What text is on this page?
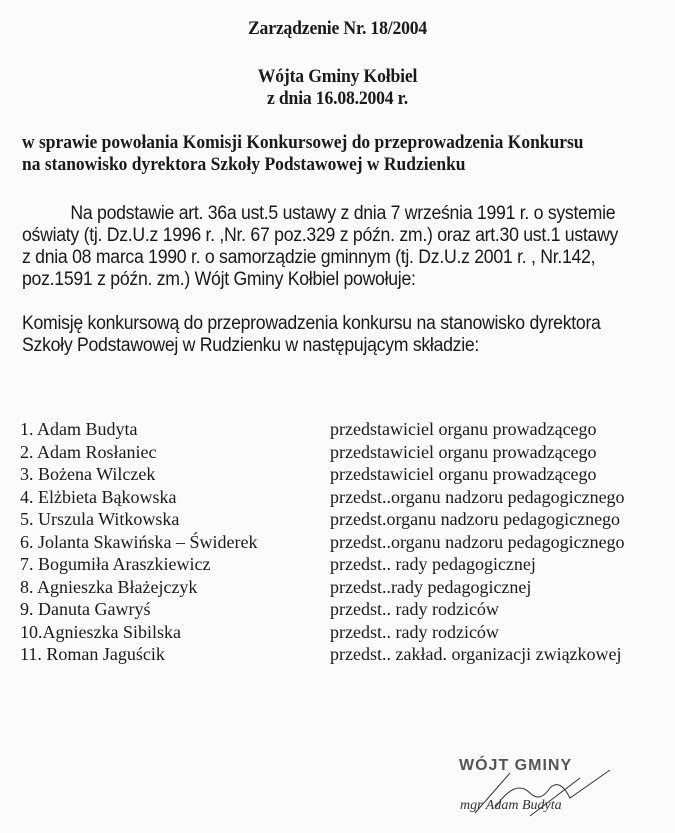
Zarządzenie Nr. 18/2004
Wójta Gminy Kołbiel
z dnia 16.08.2004 r.
w sprawie powołania Komisji Konkursowej do przeprowadzenia Konkursu
na stanowisko dyrektora Szkoły Podstawowej w Rudzienku
Na podstawie art. 36a ust.5 ustawy z dnia 7 września 1991 r. o systemie
oświaty (tj. Dz.U.z 1996 r. ,Nr. 67 poz.329 z późn. zm.) oraz art.30 ust.1 ustawy
z dnia 08 marca 1990 r. o samorządzie gminnym (tj. Dz.U.z 2001 r. , Nr.142,
poz.1591 z późn. zm.) Wójt Gminy Kołbiel powołuje:
Komisję konkursową do przeprowadzenia konkursu na stanowisko dyrektora
Szkoły Podstawowej w Rudzienku w następującym składzie:
1. Adam Budyta	przedstawiciel organu prowadzącego
2. Adam Rosłaniec	przedstawiciel organu prowadzącego
3. Bożena Wilczek	przedstawiciel organu prowadzącego
4. Elżbieta Bąkowska	przedst..organu nadzoru pedagogicznego
5. Urszula Witkowska	przedst.organu nadzoru pedagogicznego
6. Jolanta Skawińska – Świderek	przedst..organu nadzoru pedagogicznego
7. Bogumiła Araszkiewicz	przedst.. rady pedagogicznej
8. Agnieszka Błażejczyk	przedst..rady pedagogicznej
9. Danuta Gawryś	przedst.. rady rodziców
10.Agnieszka Sibilska	przedst.. rady rodziców
11. Roman Jaguścik	przedst.. zakład. organizacji związkowej
WÓJT GMINY
mgr Adam Budyta
